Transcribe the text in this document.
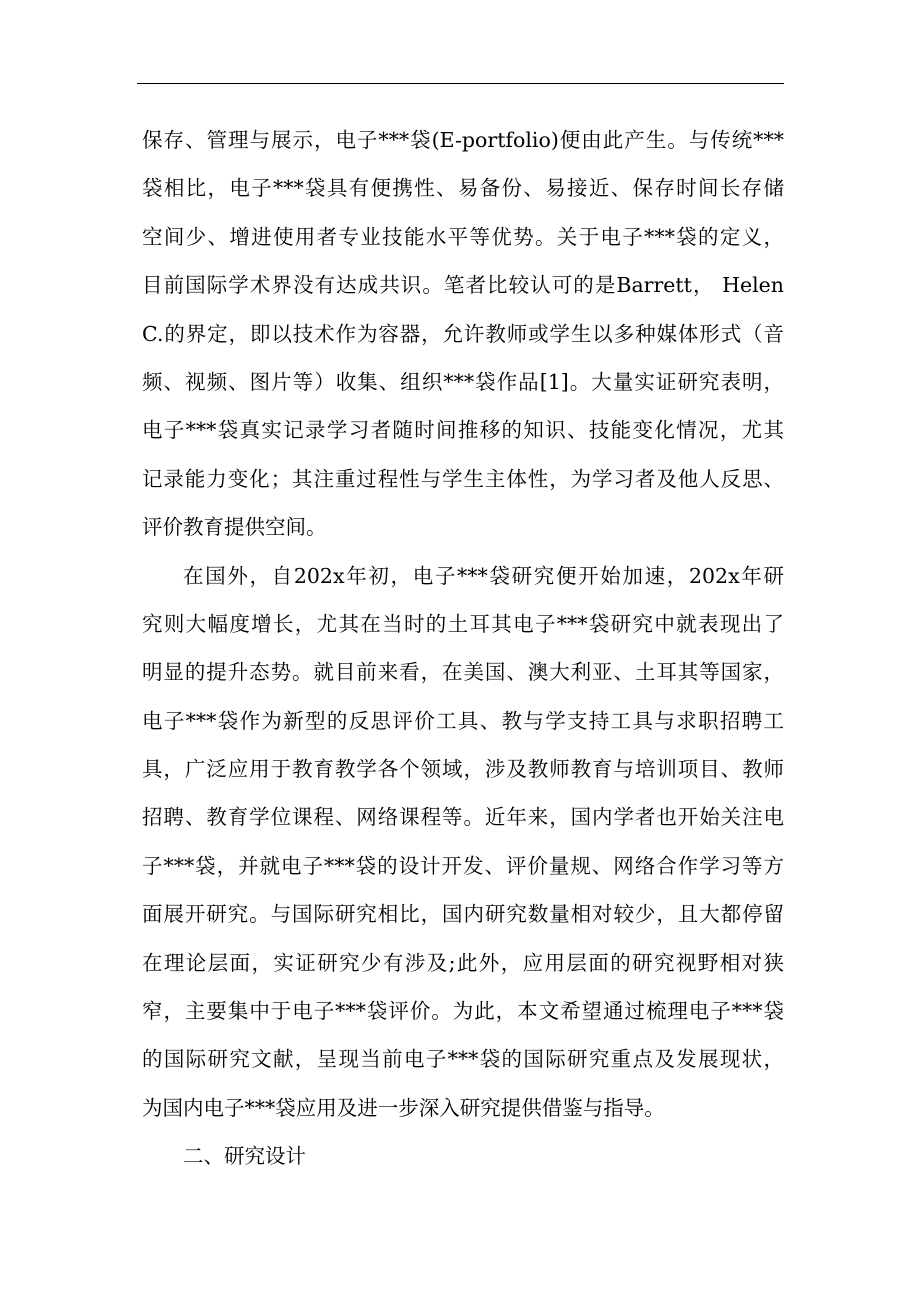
保存、管理与展示，电子***袋(E-portfolio)便由此产生。与传统***
袋相比，电子***袋具有便携性、易备份、易接近、保存时间长存储
空间少、增进使用者专业技能水平等优势。关于电子***袋的定义，
目前国际学术界没有达成共识。笔者比较认可的是Barrett， Helen
C.的界定，即以技术作为容器，允许教师或学生以多种媒体形式（音
频、视频、图片等）收集、组织***袋作品[1]。大量实证研究表明，
电子***袋真实记录学习者随时间推移的知识、技能变化情况，尤其
记录能力变化；其注重过程性与学生主体性，为学习者及他人反思、
评价教育提供空间。
在国外，自202x年初，电子***袋研究便开始加速，202x年研
究则大幅度增长，尤其在当时的土耳其电子***袋研究中就表现出了
明显的提升态势。就目前来看，在美国、澳大利亚、土耳其等国家，
电子***袋作为新型的反思评价工具、教与学支持工具与求职招聘工
具，广泛应用于教育教学各个领域，涉及教师教育与培训项目、教师
招聘、教育学位课程、网络课程等。近年来，国内学者也开始关注电
子***袋，并就电子***袋的设计开发、评价量规、网络合作学习等方
面展开研究。与国际研究相比，国内研究数量相对较少，且大都停留
在理论层面，实证研究少有涉及;此外，应用层面的研究视野相对狭
窄，主要集中于电子***袋评价。为此，本文希望通过梳理电子***袋
的国际研究文献，呈现当前电子***袋的国际研究重点及发展现状，
为国内电子***袋应用及进一步深入研究提供借鉴与指导。
二、研究设计
